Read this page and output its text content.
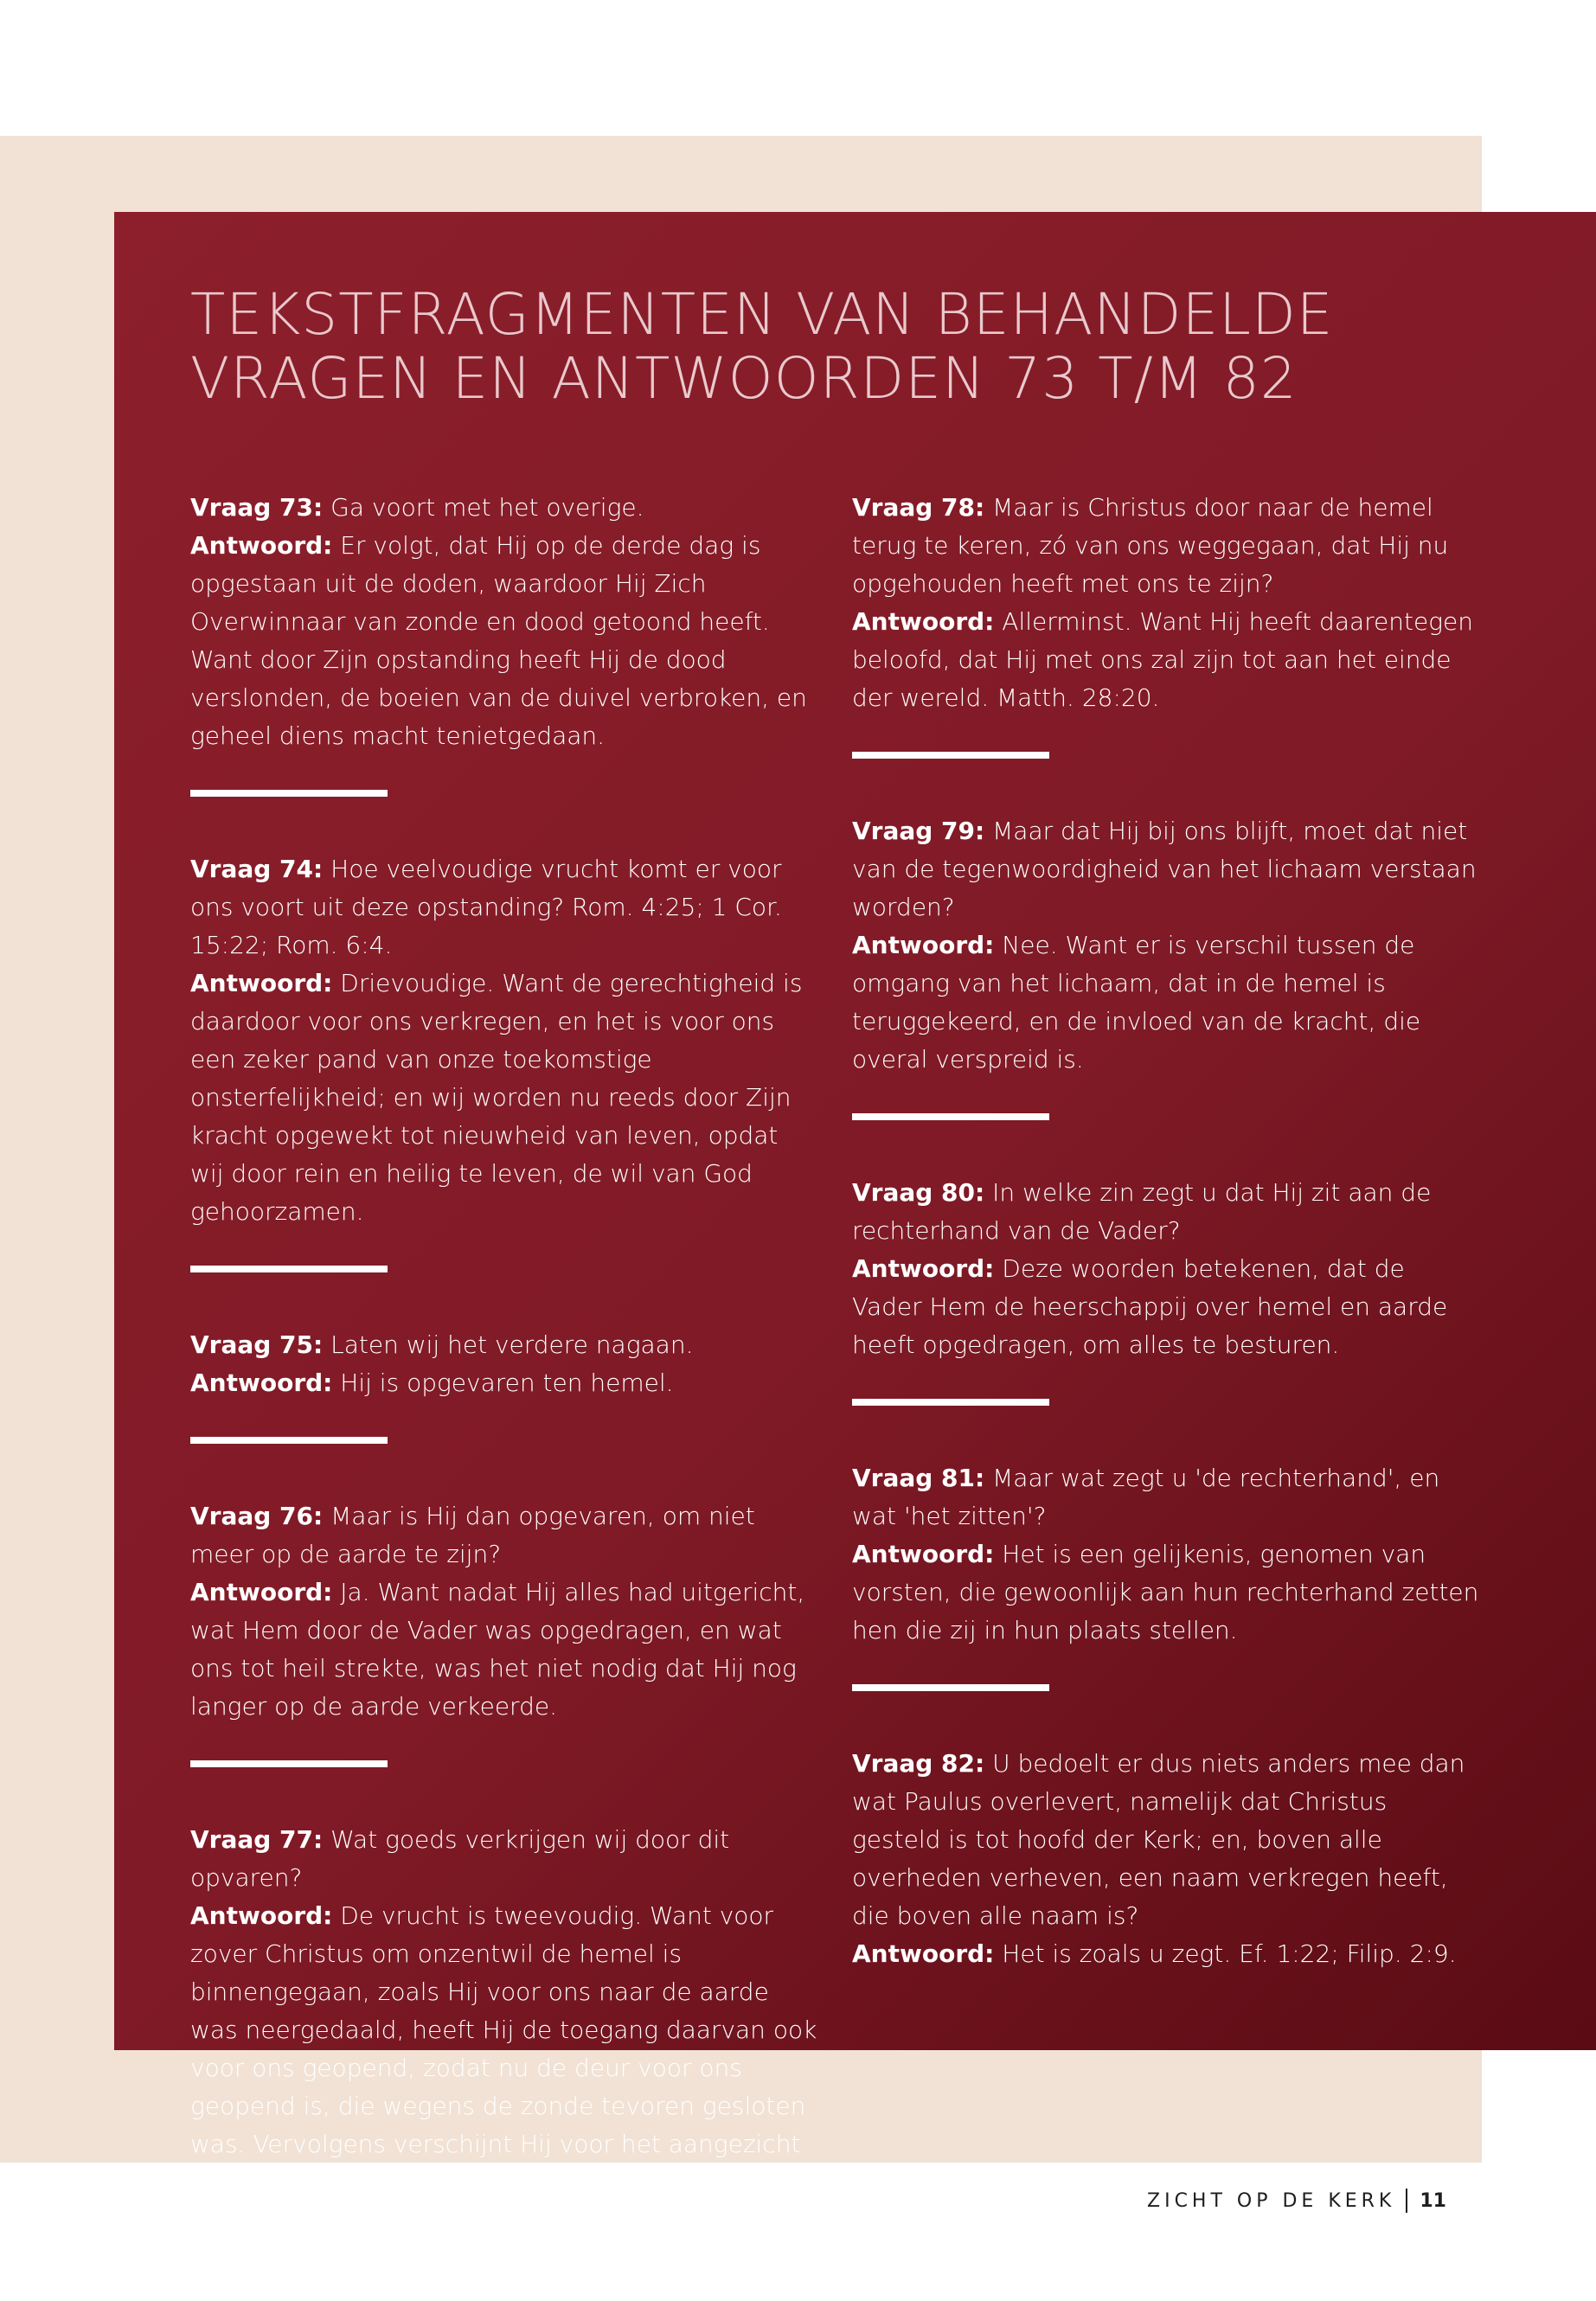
TEKSTFRAGMENTEN VAN BEHANDELDE
VRAGEN EN ANTWOORDEN 73 T/M 82

Vraag 73: Ga voort met het overige.

Antwoord: Er volgt, dat Hij op de derde dag is opgestaan uit de doden, waardoor Hij Zich Overwinnaar van zonde en dood getoond heeft. Want door Zijn opstanding heeft Hij de dood verslonden, de boeien van de duivel verbroken, en geheel diens macht tenietgedaan.

Vraag 74: Hoe veelvoudige vrucht komt er voor ons voort uit deze opstanding? Rom. 4:25; 1 Cor. 15:22; Rom. 6:4.

Antwoord: Drievoudige. Want de gerechtigheid is daardoor voor ons verkregen, en het is voor ons een zeker pand van onze toekomstige onsterfelijkheid; en wij worden nu reeds door Zijn kracht opgewekt tot nieuwheid van leven, opdat wij door rein en heilig te leven, de wil van God gehoorzamen.

Vraag 75: Laten wij het verdere nagaan.

Antwoord: Hij is opgevaren ten hemel.

Vraag 76: Maar is Hij dan opgevaren, om niet meer op de aarde te zijn?

Antwoord: Ja. Want nadat Hij alles had uitgericht, wat Hem door de Vader was opgedragen, en wat ons tot heil strekte, was het niet nodig dat Hij nog langer op de aarde verkeerde.

Vraag 77: Wat goeds verkrijgen wij door dit opvaren?

Antwoord: De vrucht is tweevoudig. Want voor zover Christus om onzentwil de hemel is binnengegaan, zoals Hij voor ons naar de aarde was neergedaald, heeft Hij de toegang daarvan ook voor ons geopend, zodat nu de deur voor ons geopend is, die wegens de zonde tevoren gesloten was. Vervolgens verschijnt Hij voor het aangezicht van God voor ons als Tussenpersoon en Beschermer.

Vraag 78: Maar is Christus door naar de hemel terug te keren, zó van ons weggegaan, dat Hij nu opgehouden heeft met ons te zijn?

Antwoord: Allerminst. Want Hij heeft daarentegen beloofd, dat Hij met ons zal zijn tot aan het einde der wereld. Matth. 28:20.

Vraag 79: Maar dat Hij bij ons blijft, moet dat niet van de tegenwoordigheid van het lichaam verstaan worden?

Antwoord: Nee. Want er is verschil tussen de omgang van het lichaam, dat in de hemel is teruggekeerd, en de invloed van de kracht, die overal verspreid is.

Vraag 80: In welke zin zegt u dat Hij zit aan de rechterhand van de Vader?

Antwoord: Deze woorden betekenen, dat de Vader Hem de heerschappij over hemel en aarde heeft opgedragen, om alles te besturen.

Vraag 81: Maar wat zegt u 'de rechterhand', en wat 'het zitten'?

Antwoord: Het is een gelijkenis, genomen van vorsten, die gewoonlijk aan hun rechterhand zetten hen die zij in hun plaats stellen.

Vraag 82: U bedoelt er dus niets anders mee dan wat Paulus overlevert, namelijk dat Christus gesteld is tot hoofd der Kerk; en, boven alle overheden verheven, een naam verkregen heeft, die boven alle naam is?

Antwoord: Het is zoals u zegt. Ef. 1:22; Filip. 2:9.

ZICHT OP DE KERK 11
